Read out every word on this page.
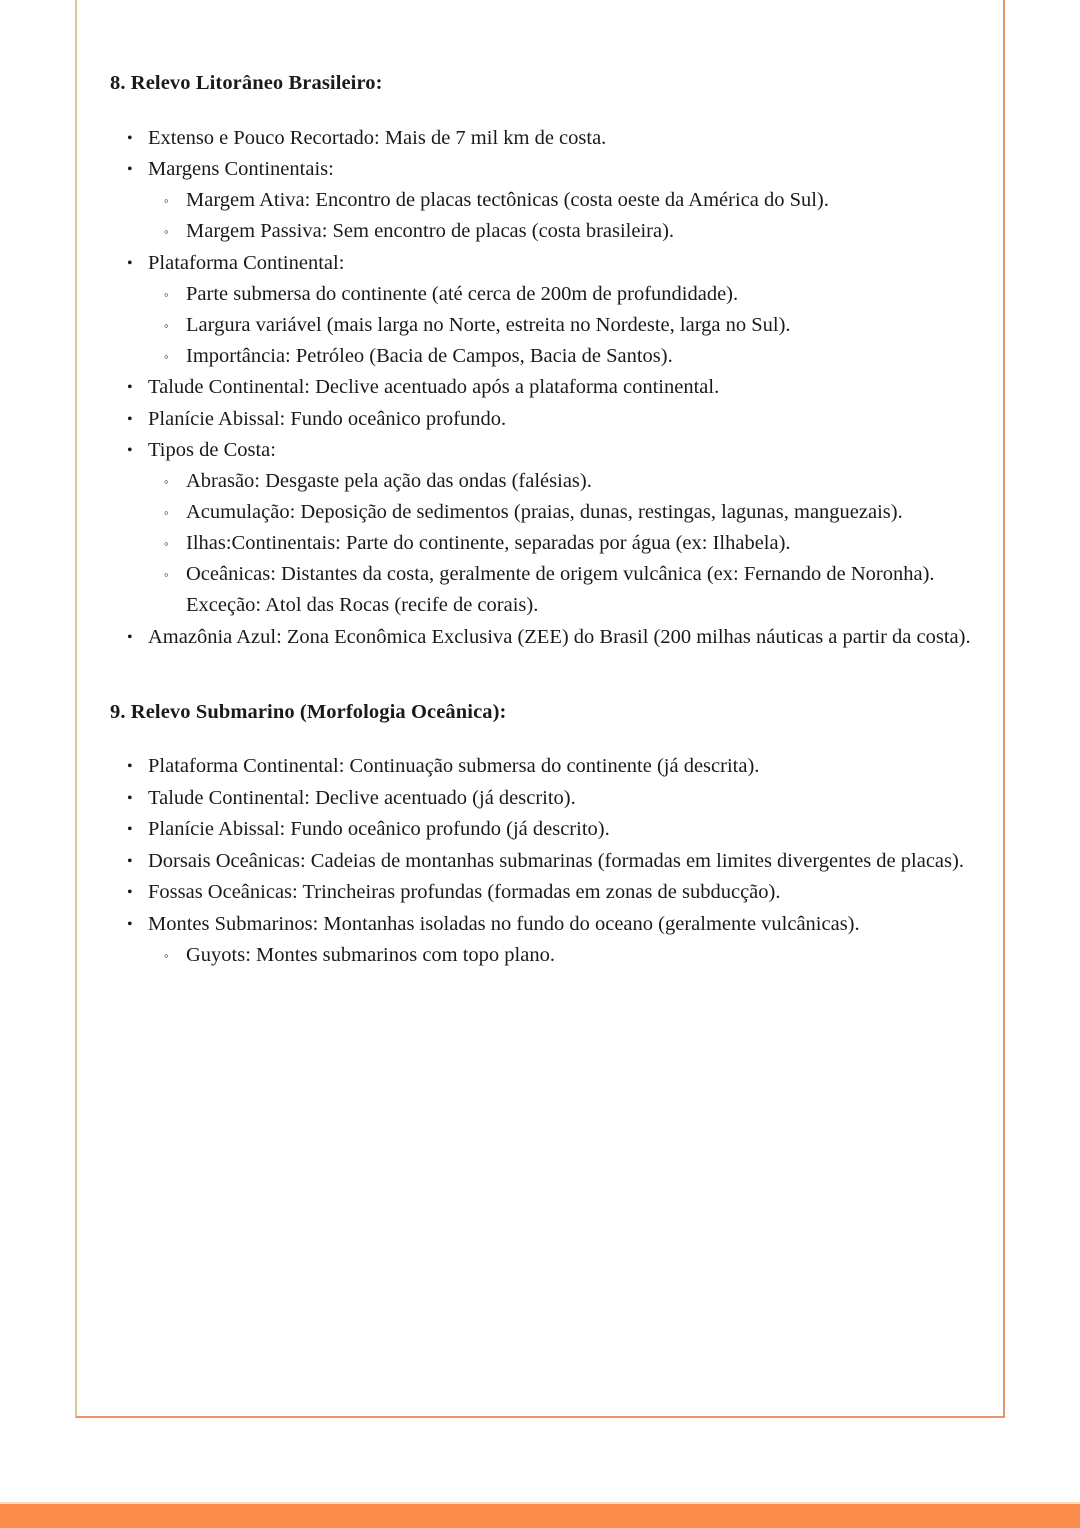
8. Relevo Litorâneo Brasileiro:
• Extenso e Pouco Recortado: Mais de 7 mil km de costa.
• Margens Continentais:
◦ Margem Ativa: Encontro de placas tectônicas (costa oeste da América do Sul).
◦ Margem Passiva: Sem encontro de placas (costa brasileira).
• Plataforma Continental:
◦ Parte submersa do continente (até cerca de 200m de profundidade).
◦ Largura variável (mais larga no Norte, estreita no Nordeste, larga no Sul).
◦ Importância: Petróleo (Bacia de Campos, Bacia de Santos).
• Talude Continental: Declive acentuado após a plataforma continental.
• Planície Abissal: Fundo oceânico profundo.
• Tipos de Costa:
◦ Abrasão: Desgaste pela ação das ondas (falésias).
◦ Acumulação: Deposição de sedimentos (praias, dunas, restingas, lagunas, manguezais).
◦ Ilhas:Continentais: Parte do continente, separadas por água (ex: Ilhabela).
◦ Oceânicas: Distantes da costa, geralmente de origem vulcânica (ex: Fernando de Noronha). Exceção: Atol das Rocas (recife de corais).
• Amazônia Azul: Zona Econômica Exclusiva (ZEE) do Brasil (200 milhas náuticas a partir da costa).
9. Relevo Submarino (Morfologia Oceânica):
• Plataforma Continental: Continuação submersa do continente (já descrita).
• Talude Continental: Declive acentuado (já descrito).
• Planície Abissal: Fundo oceânico profundo (já descrito).
• Dorsais Oceânicas: Cadeias de montanhas submarinas (formadas em limites divergentes de placas).
• Fossas Oceânicas: Trincheiras profundas (formadas em zonas de subducção).
• Montes Submarinos: Montanhas isoladas no fundo do oceano (geralmente vulcânicas).
◦ Guyots: Montes submarinos com topo plano.
